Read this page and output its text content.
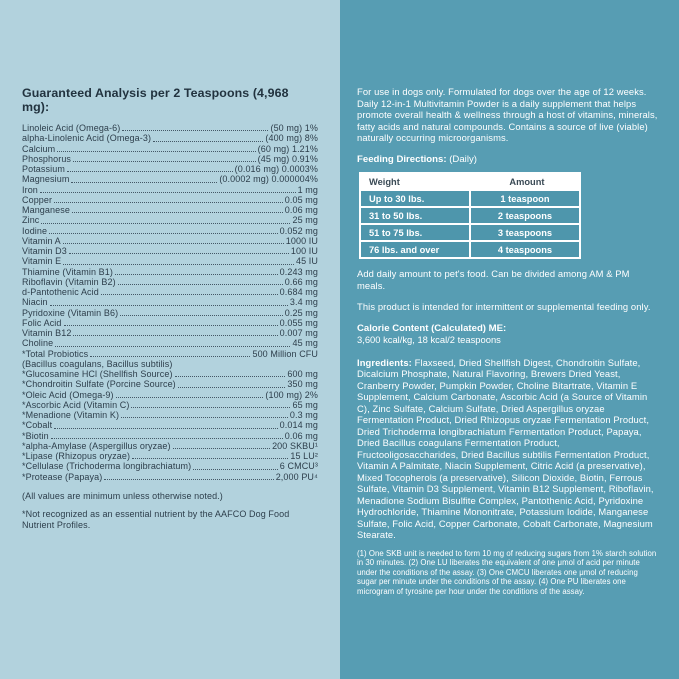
Guaranteed Analysis per 2 Teaspoons (4,968 mg):
Linoleic Acid (Omega-6)	(50 mg) 1%
alpha-Linolenic Acid (Omega-3)	(400 mg) 8%
Calcium	(60 mg) 1.21%
Phosphorus	(45 mg) 0.91%
Potassium	(0.016 mg) 0.0003%
Magnesium	(0.0002 mg) 0.000004%
Iron	1 mg
Copper	0.05 mg
Manganese	0.06 mg
Zinc	25 mg
Iodine	0.052 mg
Vitamin A	1000 IU
Vitamin D3	100 IU
Vitamin E	45 IU
Thiamine (Vitamin B1)	0.243 mg
Riboflavin (Vitamin B2)	0.66 mg
d-Pantothenic Acid	0.684 mg
Niacin	3.4 mg
Pyridoxine (Vitamin B6)	0.25 mg
Folic Acid	0.055 mg
Vitamin B12	0.007 mg
Choline	45 mg
*Total Probiotics	500 Million CFU
(Bacillus coagulans, Bacillus subtilis)
*Glucosamine HCl (Shellfish Source)	600 mg
*Chondroitin Sulfate (Porcine Source)	350 mg
*Oleic Acid (Omega-9)	(100 mg) 2%
*Ascorbic Acid (Vitamin C)	65 mg
*Menadione (Vitamin K)	0.3 mg
*Cobalt	0.014 mg
*Biotin	0.06 mg
*alpha-Amylase (Aspergillus oryzae)	200 SKBU¹
*Lipase (Rhizopus oryzae)	15 LU²
*Cellulase (Trichoderma longibrachiatum)	6 CMCU³
*Protease (Papaya)	2,000 PU⁴

(All values are minimum unless otherwise noted.)

*Not recognized as an essential nutrient by the AAFCO Dog Food Nutrient Profiles.

For use in dogs only. Formulated for dogs over the age of 12 weeks. Daily 12-in-1 Multivitamin Powder is a daily supplement that helps promote overall health & wellness through a host of vitamins, minerals, fatty acids and natural compounds. Contains a source of live (viable) naturally occurring microorganisms.

Feeding Directions: (Daily)

Weight	Amount
Up to 30 lbs.	1 teaspoon
31 to 50 lbs.	2 teaspoons
51 to 75 lbs.	3 teaspoons
76 lbs. and over	4 teaspoons

Add daily amount to pet's food. Can be divided among AM & PM meals.

This product is intended for intermittent or supplemental feeding only.

Calorie Content (Calculated) ME:

3,600 kcal/kg, 18 kcal/2 teaspoons

Ingredients: Flaxseed, Dried Shellfish Digest, Chondroitin Sulfate, Dicalcium Phosphate, Natural Flavoring, Brewers Dried Yeast, Cranberry Powder, Pumpkin Powder, Choline Bitartrate, Vitamin E Supplement, Calcium Carbonate, Ascorbic Acid (a Source of Vitamin C), Zinc Sulfate, Calcium Sulfate, Dried Aspergillus oryzae Fermentation Product, Dried Rhizopus oryzae Fermentation Product, Dried Trichoderma longibrachiatum Fermentation Product, Papaya, Dried Bacillus coagulans Fermentation Product, Fructooligosaccharides, Dried Bacillus subtilis Fermentation Product, Vitamin A Palmitate, Niacin Supplement, Citric Acid (a preservative), Mixed Tocopherols (a preservative), Silicon Dioxide, Biotin, Ferrous Sulfate, Vitamin D3 Supplement, Vitamin B12 Supplement, Riboflavin, Menadione Sodium Bisulfite Complex, Pantothenic Acid, Pyridoxine Hydrochloride, Thiamine Mononitrate, Potassium Iodide, Manganese Sulfate, Folic Acid, Copper Carbonate, Cobalt Carbonate, Magnesium Stearate.

(1) One SKB unit is needed to form 10 mg of reducing sugars from 1% starch solution in 30 minutes. (2) One LU liberates the equivalent of one μmol of acid per minute under the conditions of the assay. (3) One CMCU liberates one μmol of reducing sugar per minute under the conditions of the assay. (4) One PU liberates one microgram of tyrosine per hour under the conditions of the assay.
